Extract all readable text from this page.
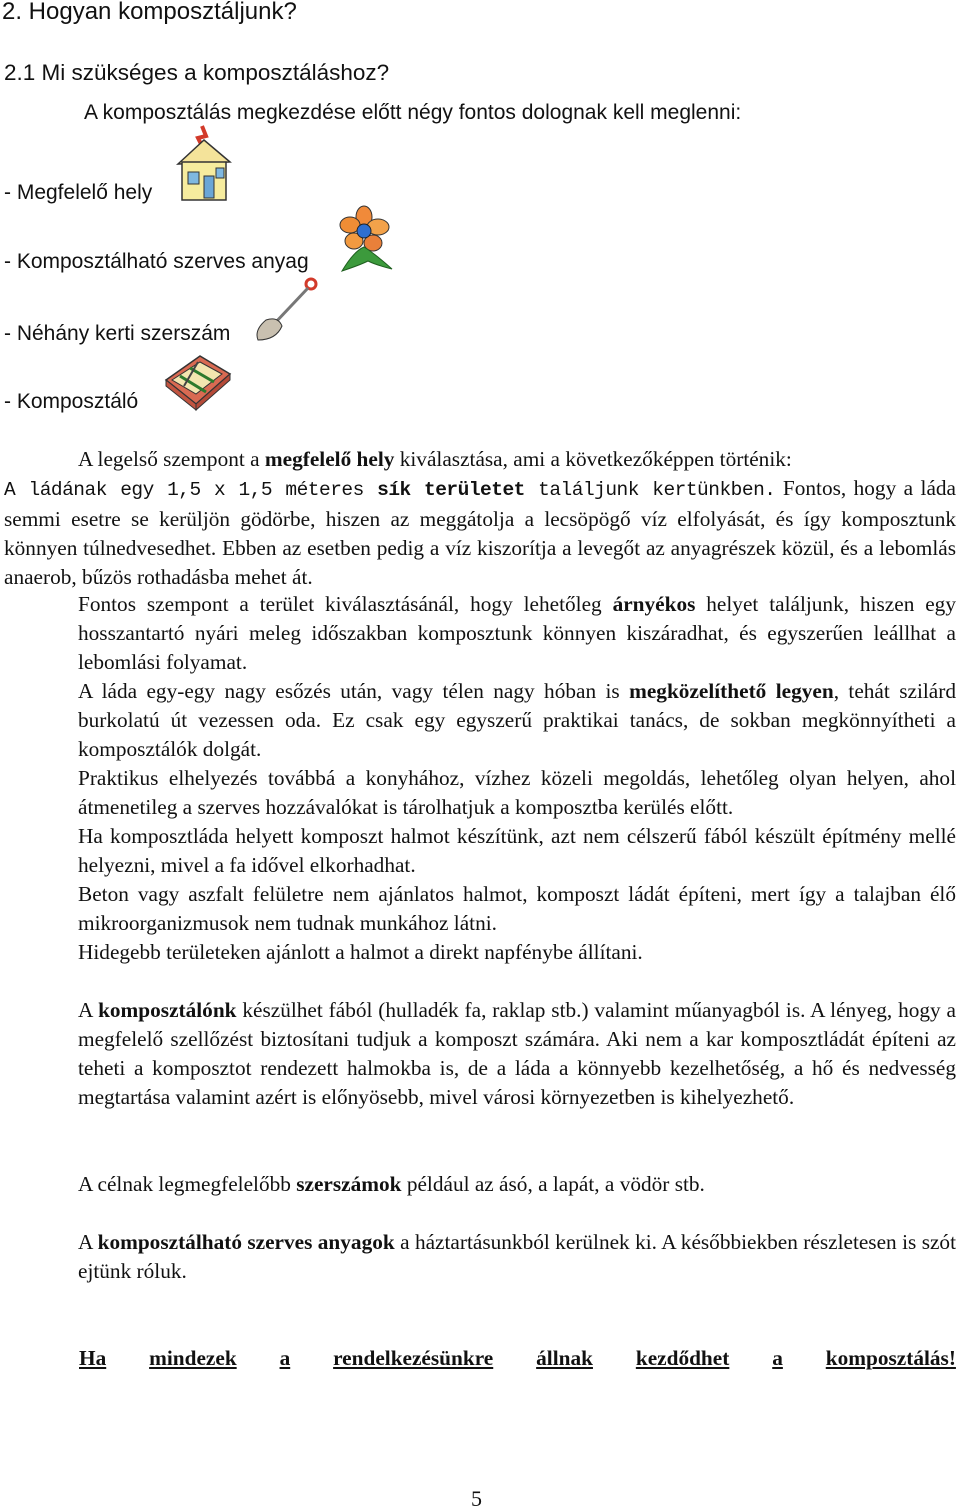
2. Hogyan komposztáljunk?
2.1 Mi szükséges a komposztáláshoz?
A komposztálás megkezdése előtt négy fontos dolognak kell meglenni:
- Megfelelő hely
- Komposztálható szerves anyag
- Néhány kerti szerszám
- Komposztáló
A legelső szempont a megfelelő hely kiválasztása, ami a következőképpen történik:
A ládának egy 1,5 x 1,5 méteres sík területet találjunk kertünkben. Fontos, hogy a láda semmi esetre se kerüljön gödörbe, hiszen az meggátolja a lecsöpögő víz elfolyását, és így komposztunk könnyen túlnedvesedhet. Ebben az esetben pedig a víz kiszorítja a levegőt az anyagrészek közül, és a lebomlás anaerob, bűzös rothadásba mehet át.

Fontos szempont a terület kiválasztásánál, hogy lehetőleg árnyékos helyet találjunk, hiszen egy hosszantartó nyári meleg időszakban komposztunk könnyen kiszáradhat, és egyszerűen leállhat a lebomlási folyamat.

A láda egy-egy nagy esőzés után, vagy télen nagy hóban is megközelíthető legyen, tehát szilárd burkolatú út vezessen oda. Ez csak egy egyszerű praktikai tanács, de sokban megkönnyítheti a komposztálók dolgát.

Praktikus elhelyezés továbbá a konyhához, vízhez közeli megoldás, lehetőleg olyan helyen, ahol átmenetileg a szerves hozzávalókat is tárolhatjuk a komposztba kerülés előtt.

Ha komposztláda helyett komposzt halmot készítünk, azt nem célszerű fából készült építmény mellé helyezni, mivel a fa idővel elkorhadhat.

Beton vagy aszfalt felületre nem ajánlatos halmot, komposzt ládát építeni, mert így a talajban élő mikroorganizmusok nem tudnak munkához látni.

Hidegebb területeken ajánlott a halmot a direkt napfénybe állítani.

A komposztálónk készülhet fából (hulladék fa, raklap stb.) valamint műanyagból is. A lényeg, hogy a megfelelő szellőzést biztosítani tudjuk a komposzt számára. Aki nem a kar komposztládát építeni az teheti a komposztot rendezett halmokba is, de a láda a könnyebb kezelhetőség, a hő és nedvesség megtartása valamint azért is előnyösebb, mivel városi környezetben is kihelyezhető.

A célnak legmegfelelőbb szerszámok például az ásó, a lapát, a vödör stb.

A komposztálható szerves anyagok a háztartásunkból kerülnek ki. A későbbiekben részletesen is szót ejtünk róluk.

Ha mindezek a rendelkezésünkre állnak kezdődhet a komposztálás!
5
